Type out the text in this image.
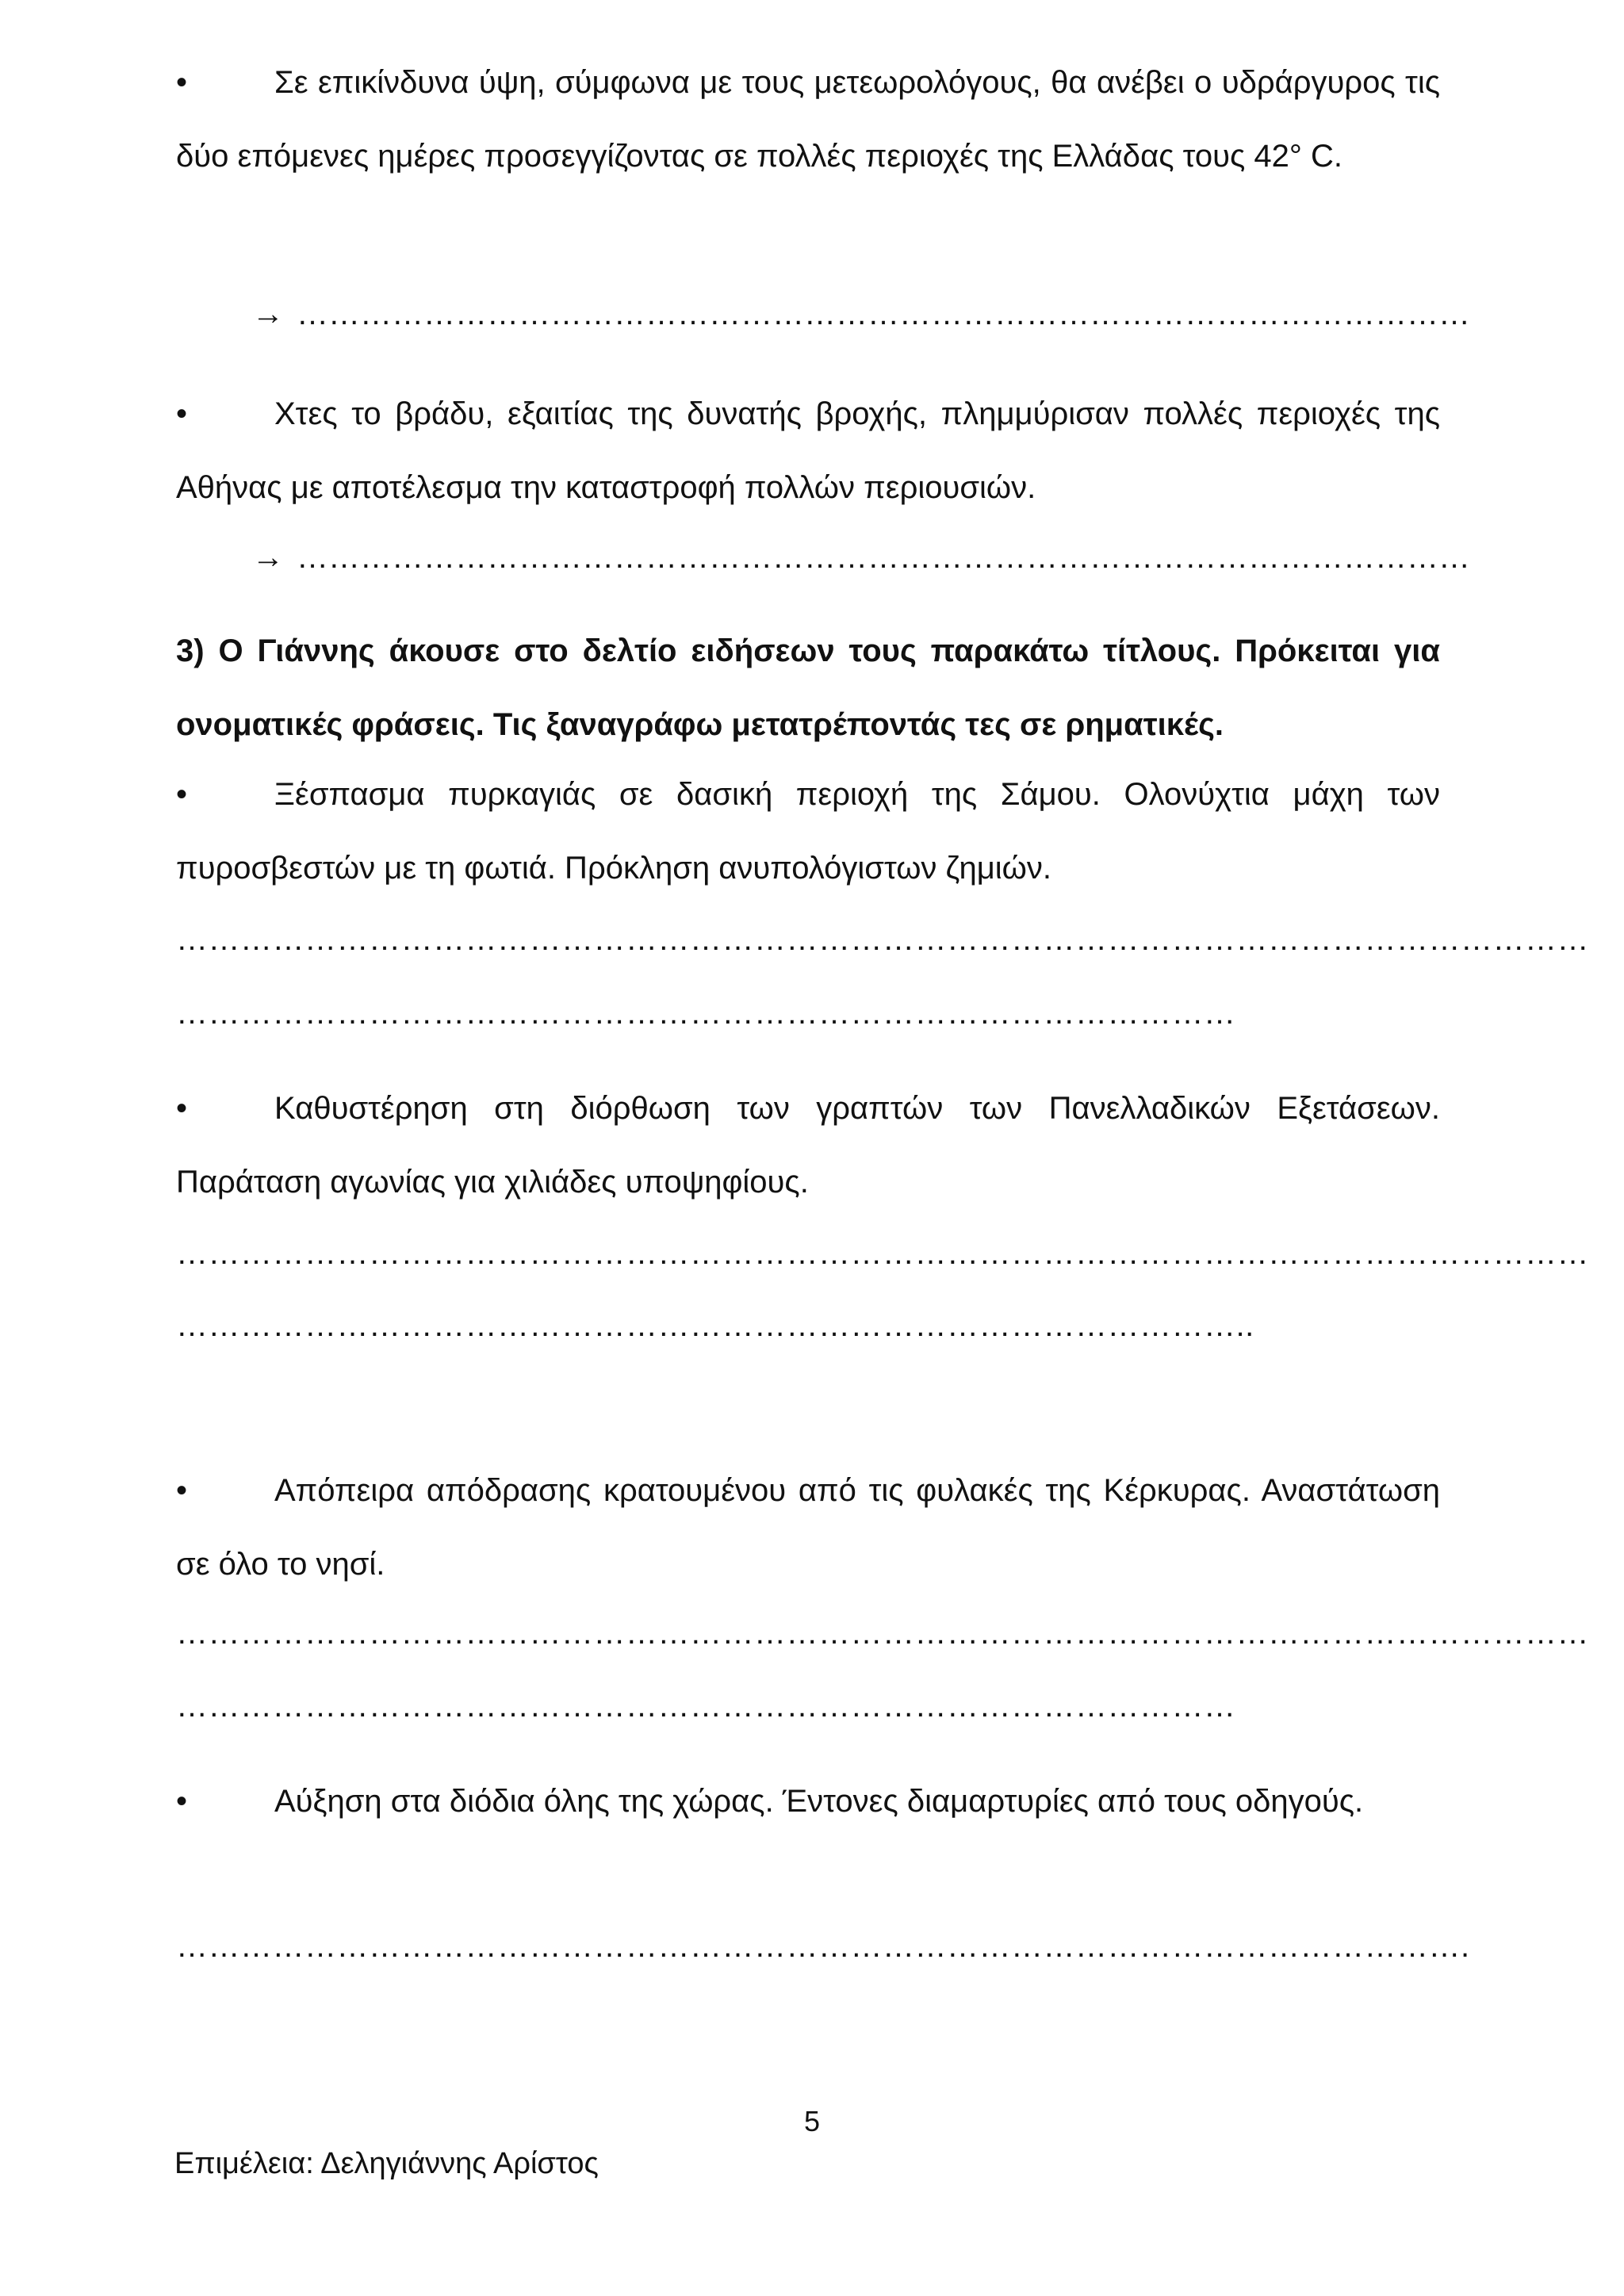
•	Σε επικίνδυνα ύψη, σύμφωνα με τους μετεωρολόγους, θα ανέβει ο υδράργυρος τις δύο επόμενες ημέρες προσεγγίζοντας σε πολλές περιοχές της Ελλάδας τους 42° C.
→ …………………………………………………………………………………………………
•	Χτες το βράδυ, εξαιτίας της δυνατής βροχής, πλημμύρισαν πολλές περιοχές της Αθήνας με αποτέλεσμα την καταστροφή πολλών περιουσιών.
→ …………………………………………………………………………………………………
3) Ο Γιάννης άκουσε στο δελτίο ειδήσεων τους παρακάτω τίτλους. Πρόκειται για ονοματικές φράσεις. Τις ξαναγράφω μετατρέποντάς τες σε ρηματικές.
•	Ξέσπασμα πυρκαγιάς σε δασική περιοχή της Σάμου. Ολονύχτια μάχη των πυροσβεστών με τη φωτιά. Πρόκληση ανυπολόγιστων ζημιών.
……………………………………………………………………………………………………………………
………………………………………………………………………………………
•	Καθυστέρηση στη διόρθωση των γραπτών των Πανελλαδικών Εξετάσεων. Παράταση αγωνίας για χιλιάδες υποψηφίους.
……………………………………………………………………………………………………………………
………………………………………………………………………………………..
•	Απόπειρα απόδρασης κρατουμένου από τις φυλακές της Κέρκυρας. Αναστάτωση σε όλο το νησί.
……………………………………………………………………………………………………………………
………………………………………………………………………………………
•	Αύξηση στα διόδια όλης της χώρας. Έντονες διαμαρτυρίες από τους οδηγούς.
………………………………………………………………………………………………………….
5
Επιμέλεια: Δεληγιάννης Αρίστος
